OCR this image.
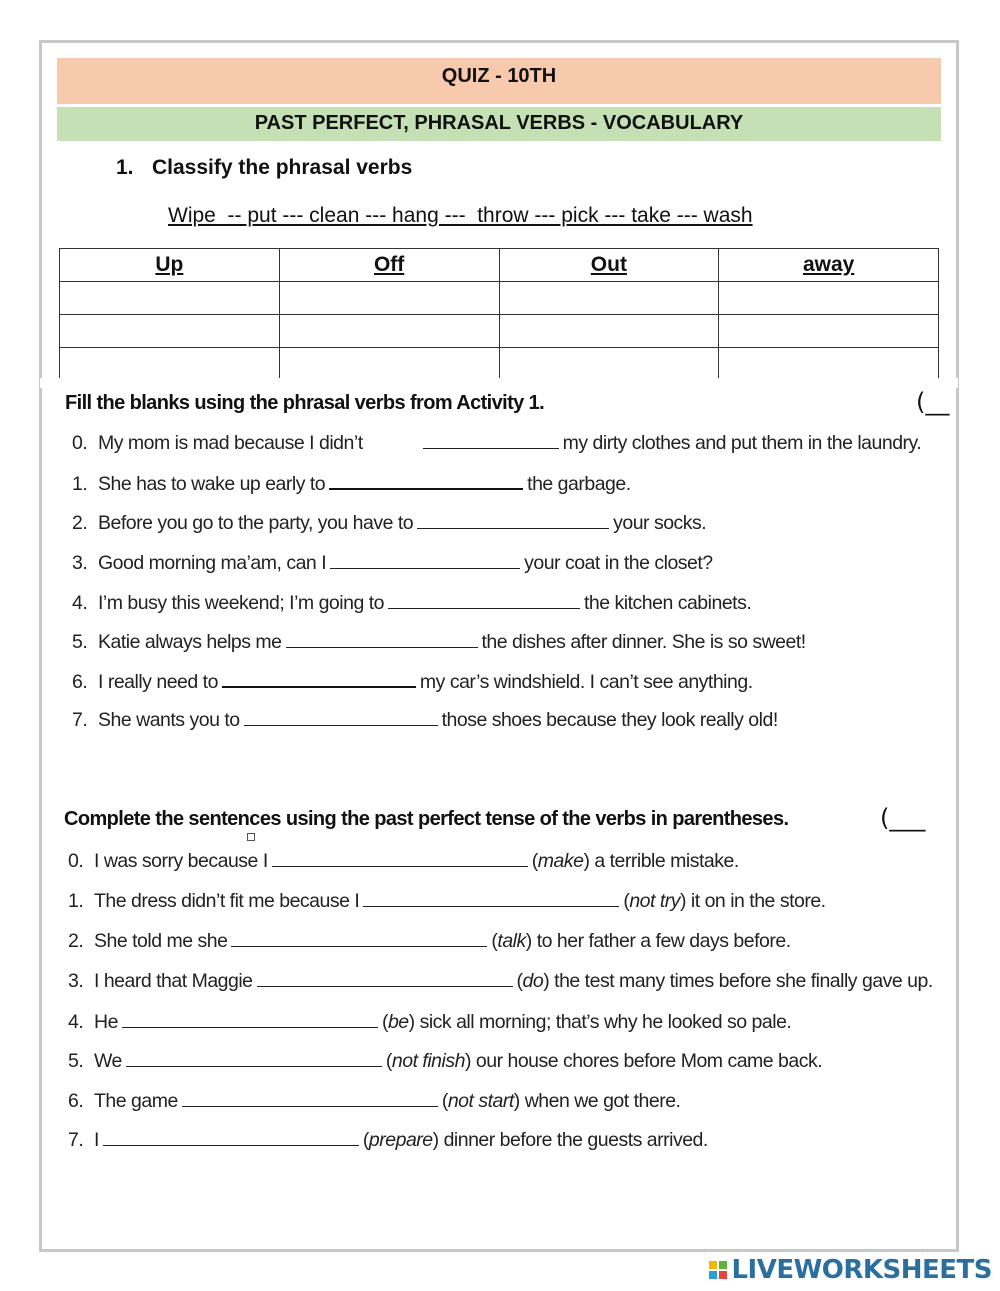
QUIZ - 10TH
PAST PERFECT, PHRASAL VERBS - VOCABULARY
1. Classify the phrasal verbs
Wipe  -- put --- clean --- hang ---  throw --- pick --- take --- wash
Up	Off	Out	away

Fill the blanks using the phrasal verbs from Activity 1.	(__
0. My mom is mad because I didn’t	my dirty clothes and put them in the laundry.
1. She has to wake up early to	the garbage.
2. Before you go to the party, you have to	your socks.
3. Good morning ma’am, can I	your coat in the closet?
4. I’m busy this weekend; I’m going to	the kitchen cabinets.
5. Katie always helps me	the dishes after dinner. She is so sweet!
6. I really need to	my car’s windshield. I can’t see anything.
7. She wants you to	those shoes because they look really old!
Complete the sentences using the past perfect tense of the verbs in parentheses.	(___
0. I was sorry because I	(make) a terrible mistake.
1. The dress didn’t fit me because I	(not try) it on in the store.
2. She told me she	(talk) to her father a few days before.
3. I heard that Maggie	(do) the test many times before she finally gave up.
4. He	(be) sick all morning; that’s why he looked so pale.
5. We	(not finish) our house chores before Mom came back.
6. The game	(not start) when we got there.
7. I	(prepare) dinner before the guests arrived.
LIVEWORKSHEETS
